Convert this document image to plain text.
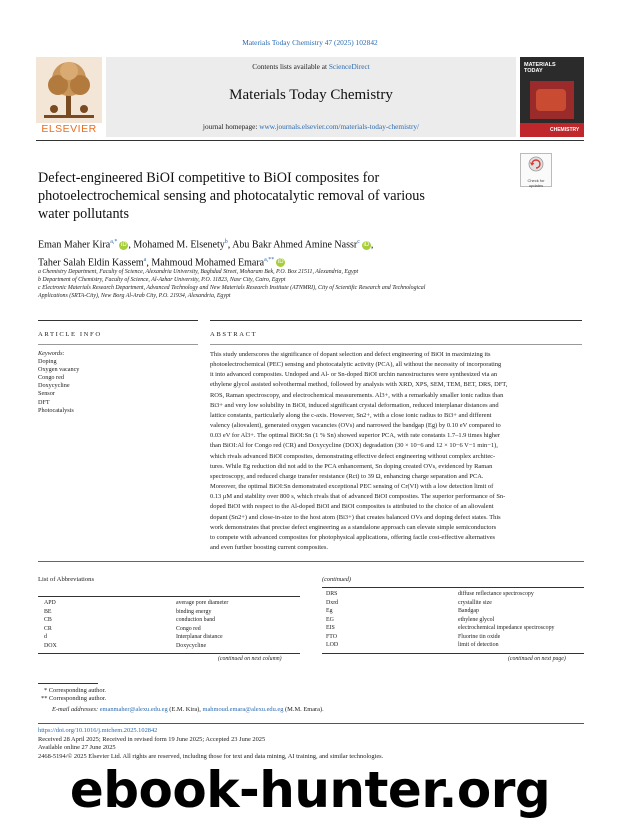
Materials Today Chemistry 47 (2025) 102842
ELSEVIER
Contents lists available at ScienceDirect
Materials Today Chemistry
journal homepage: www.journals.elsevier.com/materials-today-chemistry/
MATERIALS TODAY
CHEMISTRY
Check for updates
Defect-engineered BiOI competitive to BiOI composites for
photoelectrochemical sensing and photocatalytic removal of various
water pollutants
Eman Maher Kira$^{a,*}$ iD , Mohamed M. Elsenety$^b$, Abu Bakr Ahmed Amine Nassr$^c$ iD ,
Taher Salah Eldin Kassem$^a$, Mahmoud Mohamed Emara$^{a,**}$ iD
a Chemistry Department, Faculty of Science, Alexandria University, Baghdad Street, Moharam Bek, P.O. Box 21511, Alexandria, Egypt
b Department of Chemistry, Faculty of Science, Al-Azhar University, P.O. 11823, Nasr City, Cairo, Egypt
c Electronic Materials Research Department, Advanced Technology and New Materials Research Institute (ATNMRI), City of Scientific Research and Technological
Applications (SRTA-City), New Borg Al-Arab City, P.O. 21934, Alexandria, Egypt
ARTICLE INFO
Keywords:
Doping
Oxygen vacancy
Congo red
Doxycycline
Sensor
DFT
Photocatalysis
ABSTRACT
This study underscores the significance of dopant selection and defect engineering of BiOI in maximizing its
photoelectrochemical (PEC) sensing and photocatalytic activity (PCA), all without the necessity of incorporating
it into advanced composites. Undoped and Al- or Sn-doped BiOI urchin nanostructures were synthesized via an
ethylene glycol assisted solvothermal method, followed by analysis with XRD, XPS, SEM, TEM, BET, DRS, DFT,
ROS, Raman spectroscopy, and electrochemical measurements. Al3+, with a remarkably smaller ionic radius than
Bi3+ and very low solubility in BiOI, induced significant crystal deformation, reduced interplanar distances and
lattice constants, particularly along the c-axis. However, Sn2+, with a close ionic radius to Bi3+ and different
valency (aliovalent), generated oxygen vacancies (OVs) and narrowed the bandgap (Eg) by 0.10 eV compared to
0.03 eV for Al3+. The optimal BiOI:Sn (1 % Sn) showed superior PCA, with rate constants 1.7–1.9 times higher
than BiOI:Al for Congo red (CR) and Doxycycline (DOX) degradation (30 × 10−6 and 12 × 10−6 V−1 min−1),
which rivals advanced BiOI composites, demonstrating effective defect engineering without complex architec-
tures. While Eg reduction did not add to the PCA enhancement, Sn doping created OVs, evidenced by Raman
spectroscopy, and reduced charge transfer resistance (Rct) to 39 Ω, enhancing charge separation and PCA.
Moreover, the optimal BiOI:Sn demonstrated exceptional PEC sensing of Cr(VI) with a low detection limit of
0.13 μM and stability over 800 s, which rivals that of advanced BiOI composites. The superior performance of Sn-
doped BiOI with respect to the Al-doped BiOI and BiOI composites is attributed to the choice of an aliovalent
dopant (Sn2+) and close-in-size to the host atom (Bi3+) that creates balanced OVs and doping defect states. This
work demonstrates that precise defect engineering as a standalone approach can elevate simple semiconductors
to compete with advanced composites for photophysical applications, offering facile cost-effective alternatives
and even further boosting current composites.
List of Abbreviations
APD	average pore diameter
BE	binding energy
CB	conduction band
CR	Congo red
d	Interplanar distance
DOX	Doxycycline
(continued on next column)
(continued)
DRS	diffuse reflectance spectroscopy
Dxrd	crystallite size
Eg	Bandgap
EG	ethylene glycol
EIS	electrochemical impedance spectroscopy
FTO	Fluorine tin oxide
LOD	limit of detection
(continued on next page)
* Corresponding author.
** Corresponding author.
E-mail addresses: emanmaher@alexu.edu.eg (E.M. Kira), mahmoud.emara@alexu.edu.eg (M.M. Emara).
https://doi.org/10.1016/j.mtchem.2025.102842
Received 28 April 2025; Received in revised form 19 June 2025; Accepted 23 June 2025
Available online 27 June 2025
2468-5194/© 2025 Elsevier Ltd. All rights are reserved, including those for text and data mining, AI training, and similar technologies.
ebook-hunter.org
